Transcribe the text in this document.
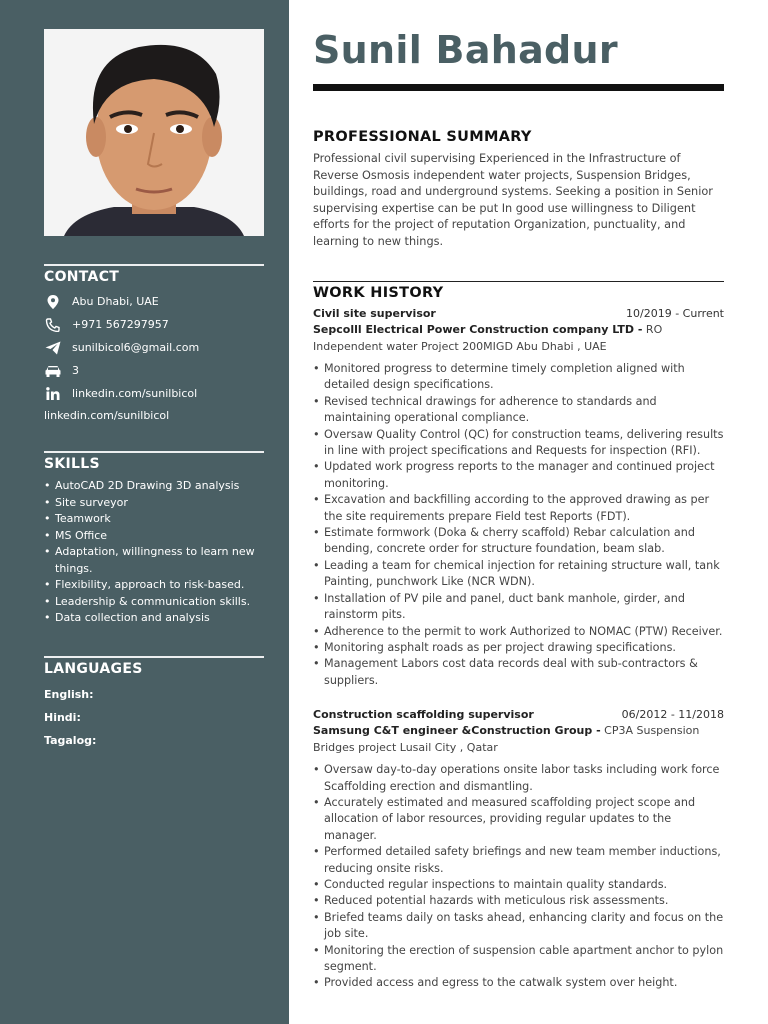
CONTACT
Abu Dhabi, UAE
+971 567297957
sunilbicol6@gmail.com
3
linkedin.com/sunilbicol
linkedin.com/sunilbicol
SKILLS
• AutoCAD 2D Drawing 3D analysis
• Site surveyor
• Teamwork
• MS Office
• Adaptation, willingness to learn new things.
• Flexibility, approach to risk-based.
• Leadership & communication skills.
• Data collection and analysis
LANGUAGES
English:
Hindi:
Tagalog:
Sunil Bahadur
PROFESSIONAL SUMMARY
Professional civil supervising Experienced in the Infrastructure of Reverse Osmosis independent water projects, Suspension Bridges, buildings, road and underground systems. Seeking a position in Senior supervising expertise can be put In good use willingness to Diligent efforts for the project of reputation Organization, punctuality, and learning to new things.
WORK HISTORY
Civil site supervisor	10/2019 - Current
Sepcolll Electrical Power Construction company LTD - RO Independent water Project 200MIGD Abu Dhabi , UAE
• Monitored progress to determine timely completion aligned with detailed design specifications.
• Revised technical drawings for adherence to standards and maintaining operational compliance.
• Oversaw Quality Control (QC) for construction teams, delivering results in line with project specifications and Requests for inspection (RFI).
• Updated work progress reports to the manager and continued project monitoring.
• Excavation and backfilling according to the approved drawing as per the site requirements prepare Field test Reports (FDT).
• Estimate formwork (Doka & cherry scaffold) Rebar calculation and bending, concrete order for structure foundation, beam slab.
• Leading a team for chemical injection for retaining structure wall, tank Painting, punchwork Like (NCR WDN).
• Installation of PV pile and panel, duct bank manhole, girder, and rainstorm pits.
• Adherence to the permit to work Authorized to NOMAC (PTW) Receiver.
• Monitoring asphalt roads as per project drawing specifications.
• Management Labors cost data records deal with sub-contractors & suppliers.
Construction scaffolding supervisor	06/2012 - 11/2018
Samsung C&T engineer &Construction Group - CP3A Suspension Bridges project Lusail City , Qatar
• Oversaw day-to-day operations onsite labor tasks including work force Scaffolding erection and dismantling.
• Accurately estimated and measured scaffolding project scope and allocation of labor resources, providing regular updates to the manager.
• Performed detailed safety briefings and new team member inductions, reducing onsite risks.
• Conducted regular inspections to maintain quality standards.
• Reduced potential hazards with meticulous risk assessments.
• Briefed teams daily on tasks ahead, enhancing clarity and focus on the job site.
• Monitoring the erection of suspension cable apartment anchor to pylon segment.
• Provided access and egress to the catwalk system over height.
